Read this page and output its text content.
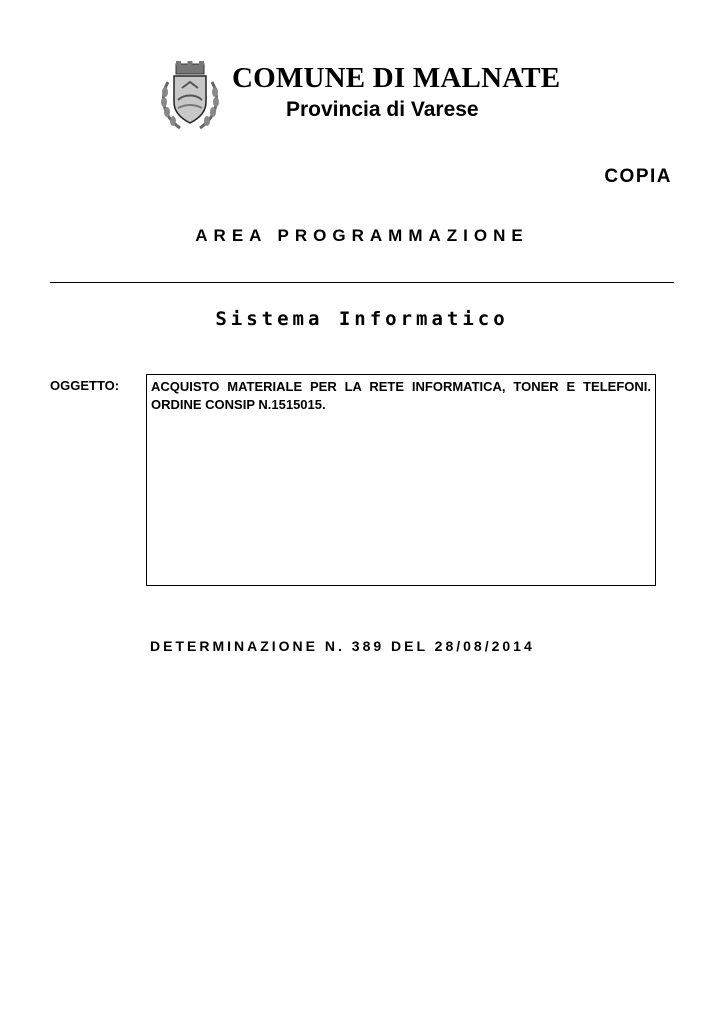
COMUNE DI MALNATE
Provincia di Varese
COPIA
AREA PROGRAMMAZIONE
Sistema Informatico
OGGETTO: ACQUISTO MATERIALE PER LA RETE INFORMATICA, TONER E TELEFONI. ORDINE CONSIP N.1515015.
DETERMINAZIONE N. 389 DEL 28/08/2014
